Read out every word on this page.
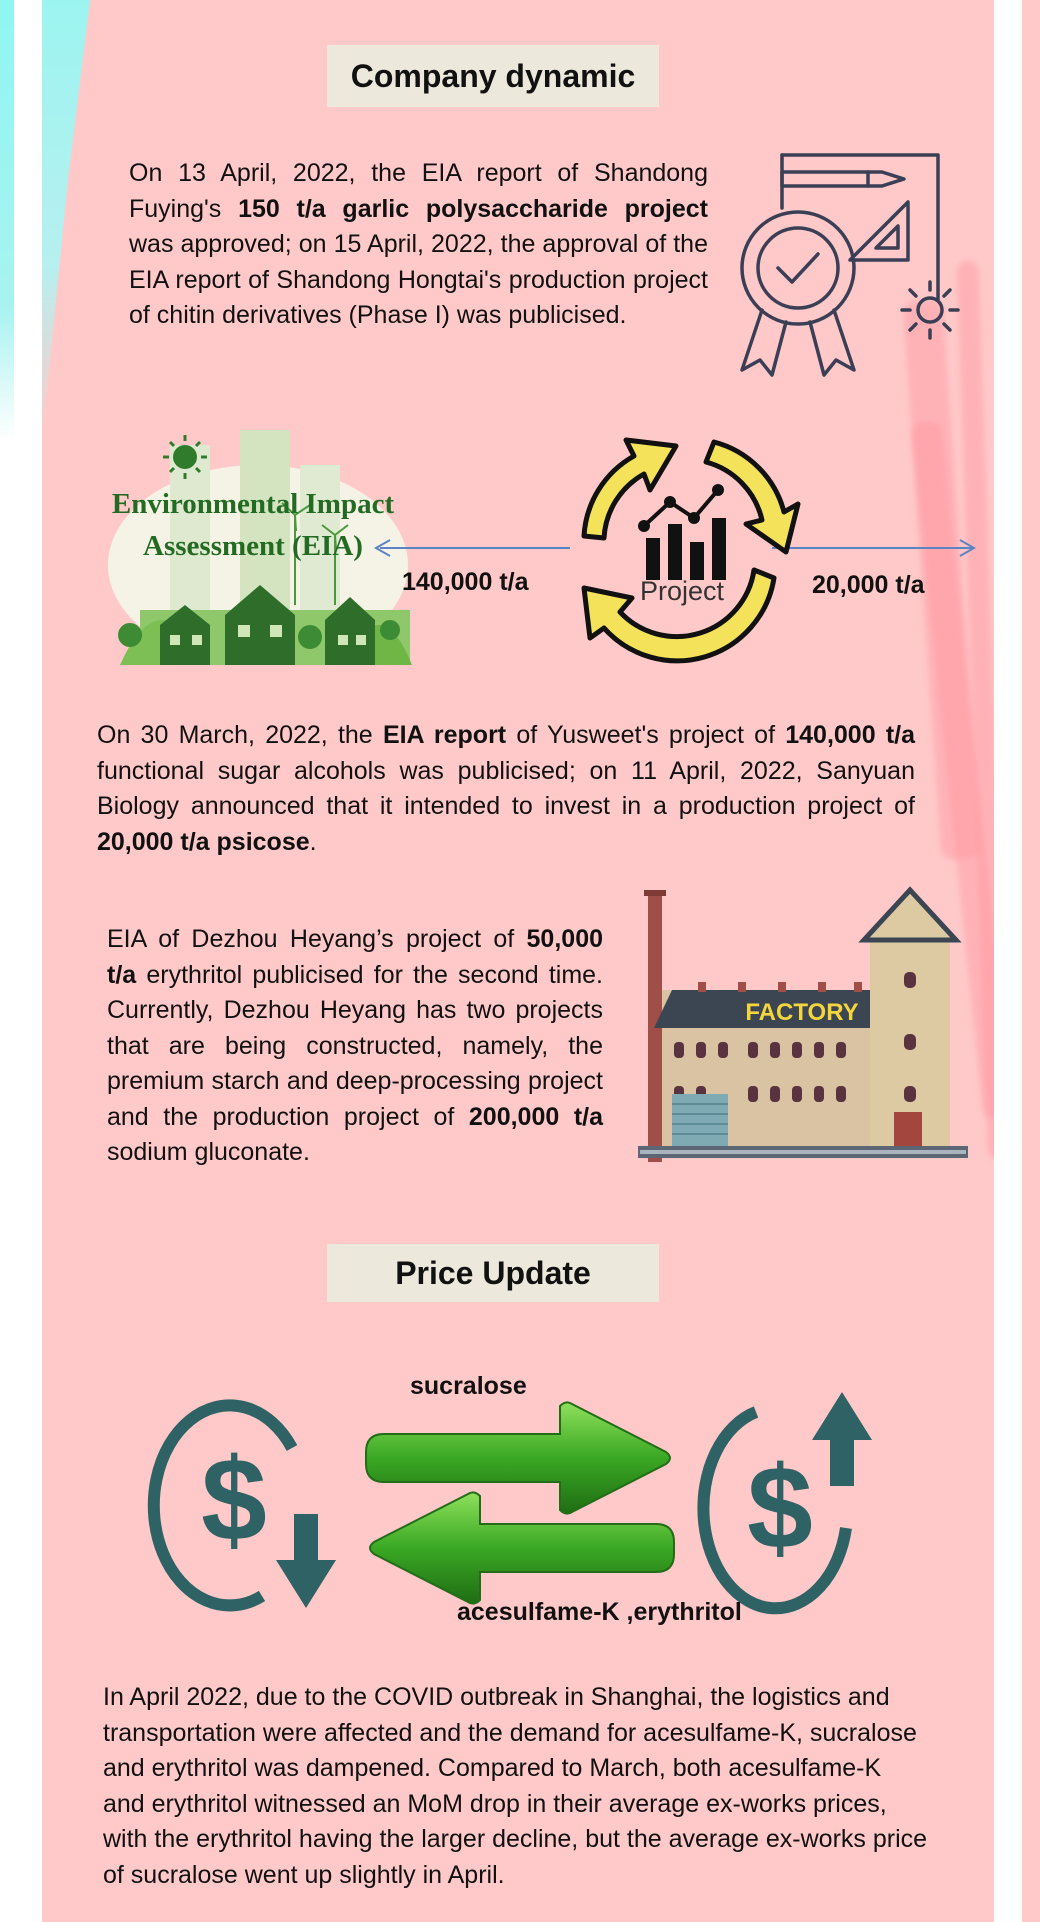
Company dynamic
On 13 April, 2022, the EIA report of Shandong Fuying's 150 t/a garlic polysaccharide project was approved; on 15 April, 2022, the approval of the EIA report of Shandong Hongtai's production project of chitin derivatives (Phase I) was publicised.
Environmental Impact
Assessment (EIA)
140,000 t/a	20,000 t/a
Project
On 30 March, 2022, the EIA report of Yusweet's project of 140,000 t/a functional sugar alcohols was publicised; on 11 April, 2022, Sanyuan Biology announced that it intended to invest in a production project of 20,000 t/a psicose.
EIA of Dezhou Heyang’s project of 50,000 t/a erythritol publicised for the second time. Currently, Dezhou Heyang has two projects that are being constructed, namely, the premium starch and deep-processing project and the production project of 200,000 t/a sodium gluconate.
FACTORY
Price Update
sucralose
$	$
acesulfame-K ,erythritol
In April 2022, due to the COVID outbreak in Shanghai, the logistics and transportation were affected and the demand for acesulfame-K, sucralose and erythritol was dampened. Compared to March, both acesulfame-K and erythritol witnessed an MoM drop in their average ex-works prices, with the erythritol having the larger decline, but the average ex-works price of sucralose went up slightly in April.
